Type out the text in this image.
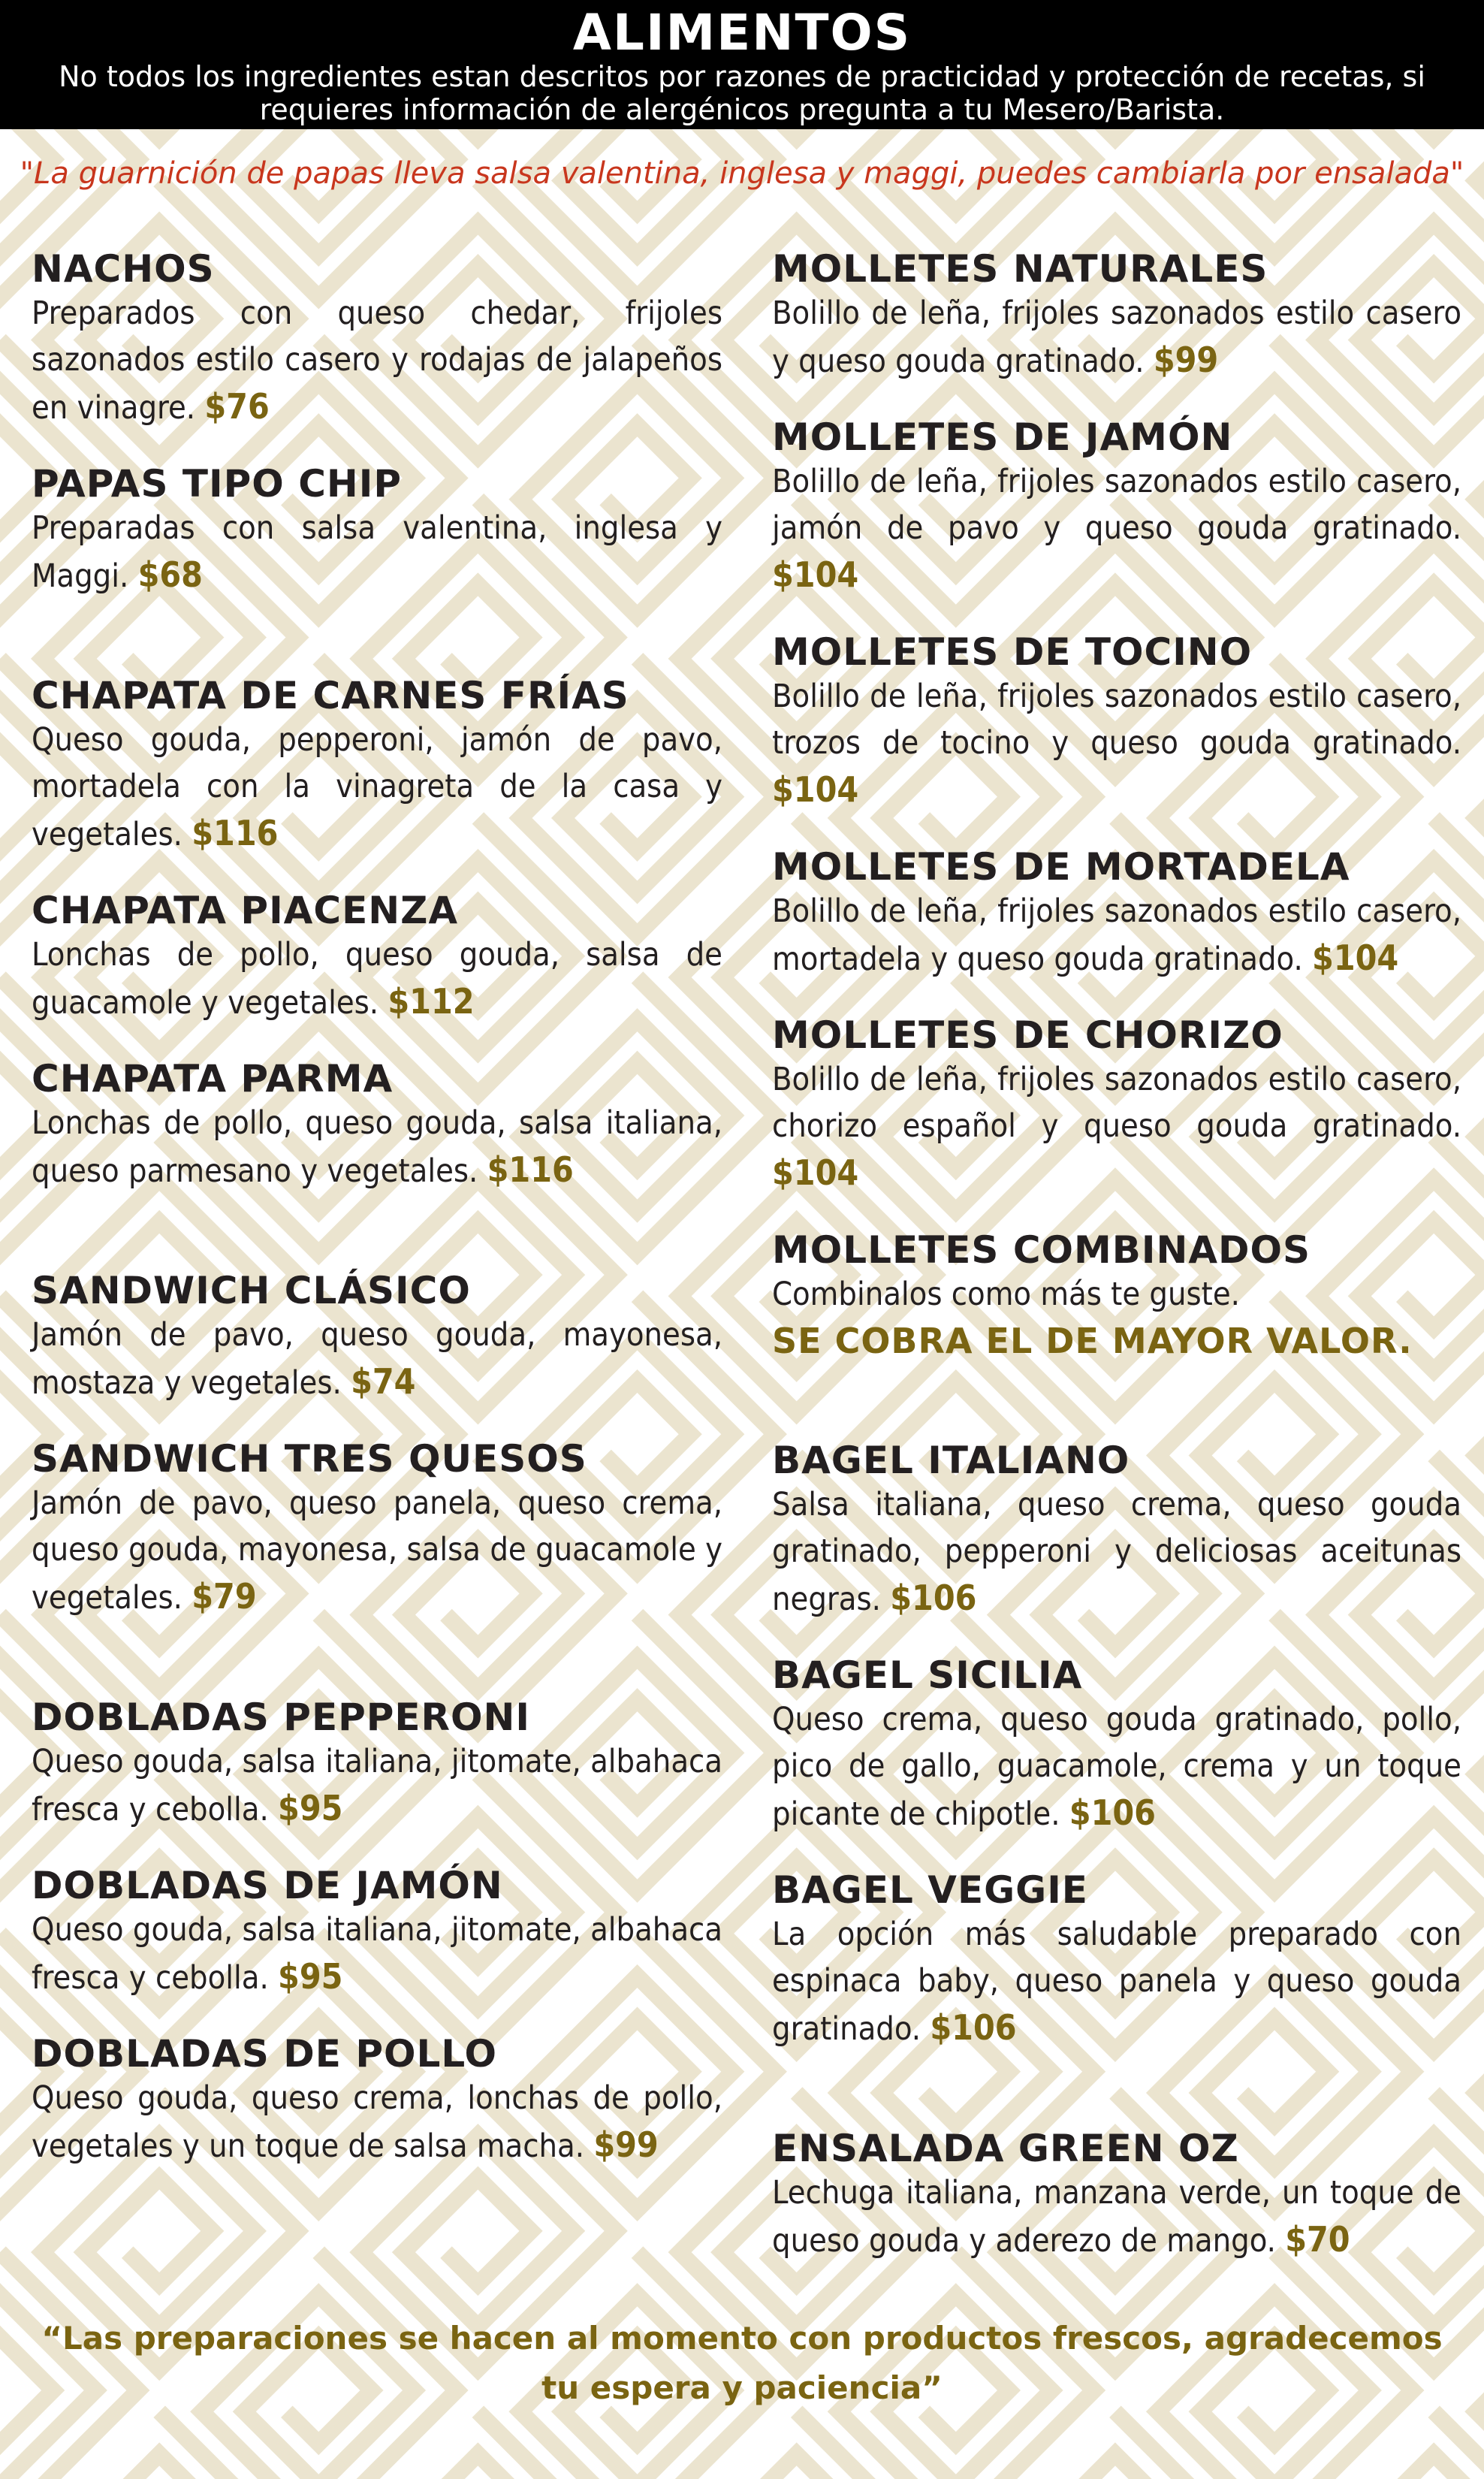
ALIMENTOS
No todos los ingredientes estan descritos por razones de practicidad y protección de recetas, si requieres información de alergénicos pregunta a tu Mesero/Barista.
"La guarnición de papas lleva salsa valentina, inglesa y maggi, puedes cambiarla por ensalada"
NACHOS
Preparados con queso chedar, frijoles sazonados estilo casero y rodajas de jalapeños en vinagre. $76
PAPAS TIPO CHIP
Preparadas con salsa valentina, inglesa y Maggi. $68
CHAPATA DE CARNES FRÍAS
Queso gouda, pepperoni, jamón de pavo, mortadela con la vinagreta de la casa y vegetales. $116
CHAPATA PIACENZA
Lonchas de pollo, queso gouda, salsa de guacamole y vegetales. $112
CHAPATA PARMA
Lonchas de pollo, queso gouda, salsa italiana, queso parmesano y vegetales. $116
SANDWICH CLÁSICO
Jamón de pavo, queso gouda, mayonesa, mostaza y vegetales. $74
SANDWICH TRES QUESOS
Jamón de pavo, queso panela, queso crema, queso gouda, mayonesa, salsa de guacamole y vegetales. $79
DOBLADAS PEPPERONI
Queso gouda, salsa italiana, jitomate, albahaca fresca y cebolla. $95
DOBLADAS DE JAMÓN
Queso gouda, salsa italiana, jitomate, albahaca fresca y cebolla. $95
DOBLADAS DE POLLO
Queso gouda, queso crema, lonchas de pollo, vegetales y un toque de salsa macha. $99
MOLLETES NATURALES
Bolillo de leña, frijoles sazonados estilo casero y queso gouda gratinado. $99
MOLLETES DE JAMÓN
Bolillo de leña, frijoles sazonados estilo casero, jamón de pavo y queso gouda gratinado. $104
MOLLETES DE TOCINO
Bolillo de leña, frijoles sazonados estilo casero, trozos de tocino y queso gouda gratinado. $104
MOLLETES DE MORTADELA
Bolillo de leña, frijoles sazonados estilo casero, mortadela y queso gouda gratinado. $104
MOLLETES DE CHORIZO
Bolillo de leña, frijoles sazonados estilo casero, chorizo español y queso gouda gratinado. $104
MOLLETES COMBINADOS
Combinalos como más te guste.
SE COBRA EL DE MAYOR VALOR.
BAGEL ITALIANO
Salsa italiana, queso crema, queso gouda gratinado, pepperoni y deliciosas aceitunas negras. $106
BAGEL SICILIA
Queso crema, queso gouda gratinado, pollo, pico de gallo, guacamole, crema y un toque picante de chipotle. $106
BAGEL VEGGIE
La opción más saludable preparado con espinaca baby, queso panela y queso gouda gratinado. $106
ENSALADA GREEN OZ
Lechuga italiana, manzana verde, un toque de queso gouda y aderezo de mango. $70
“Las preparaciones se hacen al momento con productos frescos, agradecemos tu espera y paciencia”
